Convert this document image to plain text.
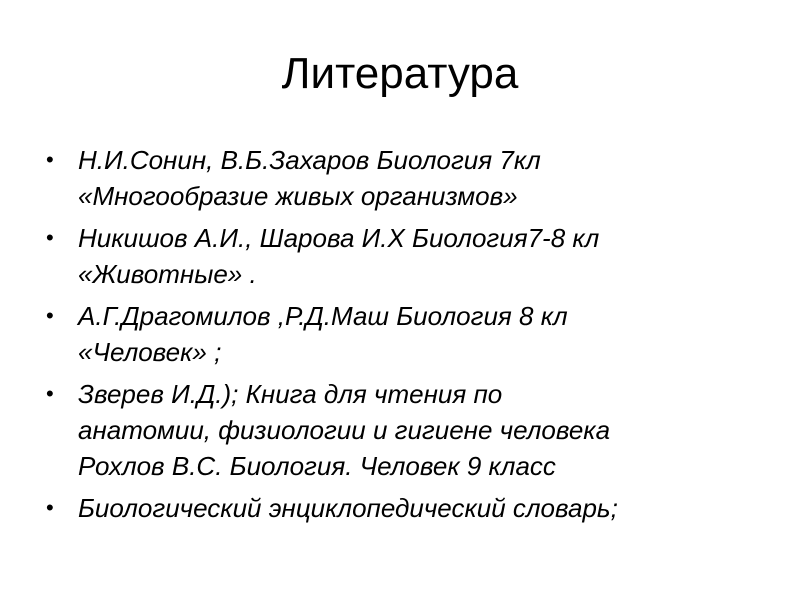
Литература
• Н.И.Сонин, В.Б.Захаров Биология 7кл
«Многообразие живых организмов»
• Никишов А.И., Шарова И.Х Биология7-8 кл
«Животные» .
• А.Г.Драгомилов ,Р.Д.Маш Биология 8 кл
«Человек» ;
• Зверев И.Д.); Книга для чтения по
анатомии, физиологии и гигиене человека
Рохлов В.С. Биология. Человек 9 класс
• Биологический энциклопедический словарь;
